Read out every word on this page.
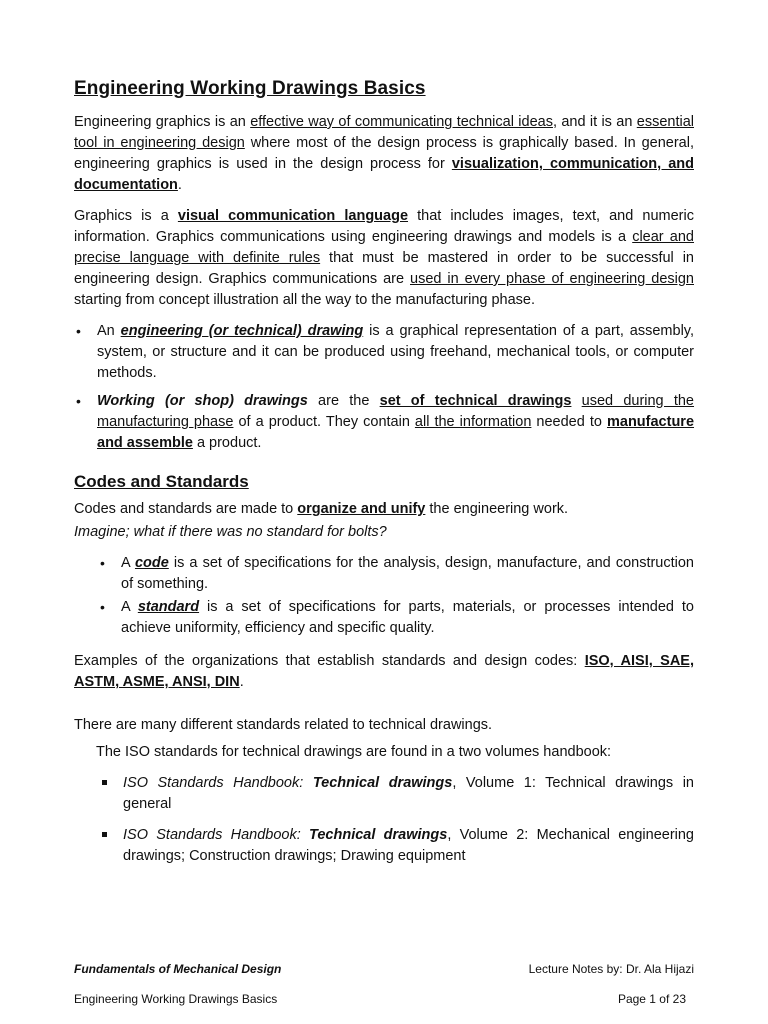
Engineering Working Drawings Basics

Engineering graphics is an effective way of communicating technical ideas, and it is an essential tool in engineering design where most of the design process is graphically based. In general, engineering graphics is used in the design process for visualization, communication, and documentation.

Graphics is a visual communication language that includes images, text, and numeric information. Graphics communications using engineering drawings and models is a clear and precise language with definite rules that must be mastered in order to be successful in engineering design. Graphics communications are used in every phase of engineering design starting from concept illustration all the way to the manufacturing phase.

• An engineering (or technical) drawing is a graphical representation of a part, assembly, system, or structure and it can be produced using freehand, mechanical tools, or computer methods.
• Working (or shop) drawings are the set of technical drawings used during the manufacturing phase of a product. They contain all the information needed to manufacture and assemble a product.
Codes and Standards

Codes and standards are made to organize and unify the engineering work.

Imagine; what if there was no standard for bolts?

• A code is a set of specifications for the analysis, design, manufacture, and construction of something.
• A standard is a set of specifications for parts, materials, or processes intended to achieve uniformity, efficiency and specific quality.

Examples of the organizations that establish standards and design codes: ISO, AISI, SAE, ASTM, ASME, ANSI, DIN.

There are many different standards related to technical drawings.

The ISO standards for technical drawings are found in a two volumes handbook:

ISO Standards Handbook: Technical drawings, Volume 1: Technical drawings in general
ISO Standards Handbook: Technical drawings, Volume 2: Mechanical engineering drawings; Construction drawings; Drawing equipment
Fundamentals of Mechanical Design	Lecture Notes by: Dr. Ala Hijazi
Engineering Working Drawings Basics	Page 1 of 23
